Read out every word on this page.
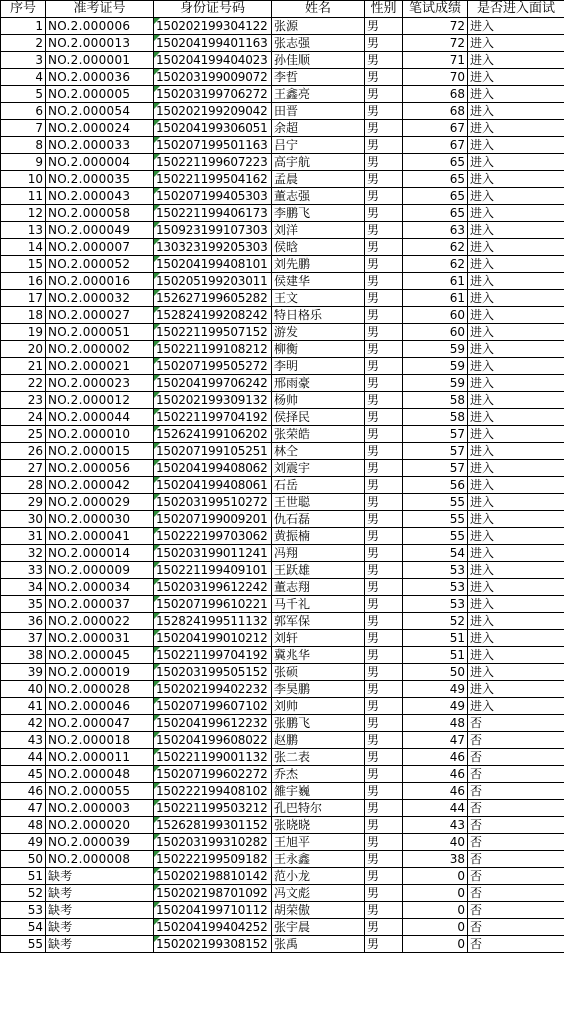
序号	准考证号	身份证号码	姓名	性别	笔试成绩	是否进入面试
1	NO.2.000006	150202199304122	张源	男	72	进入
2	NO.2.000013	150204199401163	张志强	男	72	进入
3	NO.2.000001	150204199404023	孙佳顺	男	71	进入
4	NO.2.000036	150203199009072	李哲	男	70	进入
5	NO.2.000005	150203199706272	王鑫亮	男	68	进入
6	NO.2.000054	150202199209042	田晋	男	68	进入
7	NO.2.000024	150204199306051	余超	男	67	进入
8	NO.2.000033	150207199501163	吕宁	男	67	进入
9	NO.2.000004	150221199607223	高宇航	男	65	进入
10	NO.2.000035	150221199504162	孟晨	男	65	进入
11	NO.2.000043	150207199405303	董志强	男	65	进入
12	NO.2.000058	150221199406173	李鹏飞	男	65	进入
13	NO.2.000049	150923199107303	刘洋	男	63	进入
14	NO.2.000007	130323199205303	侯晗	男	62	进入
15	NO.2.000052	150204199408101	刘先鹏	男	62	进入
16	NO.2.000016	150205199203011	侯建华	男	61	进入
17	NO.2.000032	152627199605282	王文	男	61	进入
18	NO.2.000027	152824199208242	特日格乐	男	60	进入
19	NO.2.000051	150221199507152	游发	男	60	进入
20	NO.2.000002	150221199108212	柳衡	男	59	进入
21	NO.2.000021	150207199505272	李明	男	59	进入
22	NO.2.000023	150204199706242	邢雨豪	男	59	进入
23	NO.2.000012	150202199309132	杨帅	男	58	进入
24	NO.2.000044	150221199704192	侯择民	男	58	进入
25	NO.2.000010	152624199106202	张荣皓	男	57	进入
26	NO.2.000015	150207199105251	林仝	男	57	进入
27	NO.2.000056	150204199408062	刘震宇	男	57	进入
28	NO.2.000042	150204199408061	石岳	男	56	进入
29	NO.2.000029	150203199510272	王世聪	男	55	进入
30	NO.2.000030	150207199009201	仇石磊	男	55	进入
31	NO.2.000041	150222199703062	黄振楠	男	55	进入
32	NO.2.000014	150203199011241	冯翔	男	54	进入
33	NO.2.000009	150221199409101	王跃雄	男	53	进入
34	NO.2.000034	150203199612242	董志翔	男	53	进入
35	NO.2.000037	150207199610221	马千礼	男	53	进入
36	NO.2.000022	152824199511132	郭军保	男	52	进入
37	NO.2.000031	150204199010212	刘轩	男	51	进入
38	NO.2.000045	150221199704192	冀兆华	男	51	进入
39	NO.2.000019	150203199505152	张硕	男	50	进入
40	NO.2.000028	150202199402232	李昊鹏	男	49	进入
41	NO.2.000046	150207199607102	刘帅	男	49	进入
42	NO.2.000047	150204199612232	张鹏飞	男	48	否
43	NO.2.000018	150204199608022	赵鹏	男	47	否
44	NO.2.000011	150221199001132	张二表	男	46	否
45	NO.2.000048	150207199602272	乔杰	男	46	否
46	NO.2.000055	150222199408102	雒宇巍	男	46	否
47	NO.2.000003	150221199503212	孔巴特尔	男	44	否
48	NO.2.000020	152628199301152	张晓晓	男	43	否
49	NO.2.000039	150203199310282	王旭平	男	40	否
50	NO.2.000008	150222199509182	王永鑫	男	38	否
51	缺考	150202198810142	范小龙	男	0	否
52	缺考	150202198701092	冯文彪	男	0	否
53	缺考	150204199710112	胡荣傲	男	0	否
54	缺考	150204199404252	张宇晨	男	0	否
55	缺考	150202199308152	张禹	男	0	否
